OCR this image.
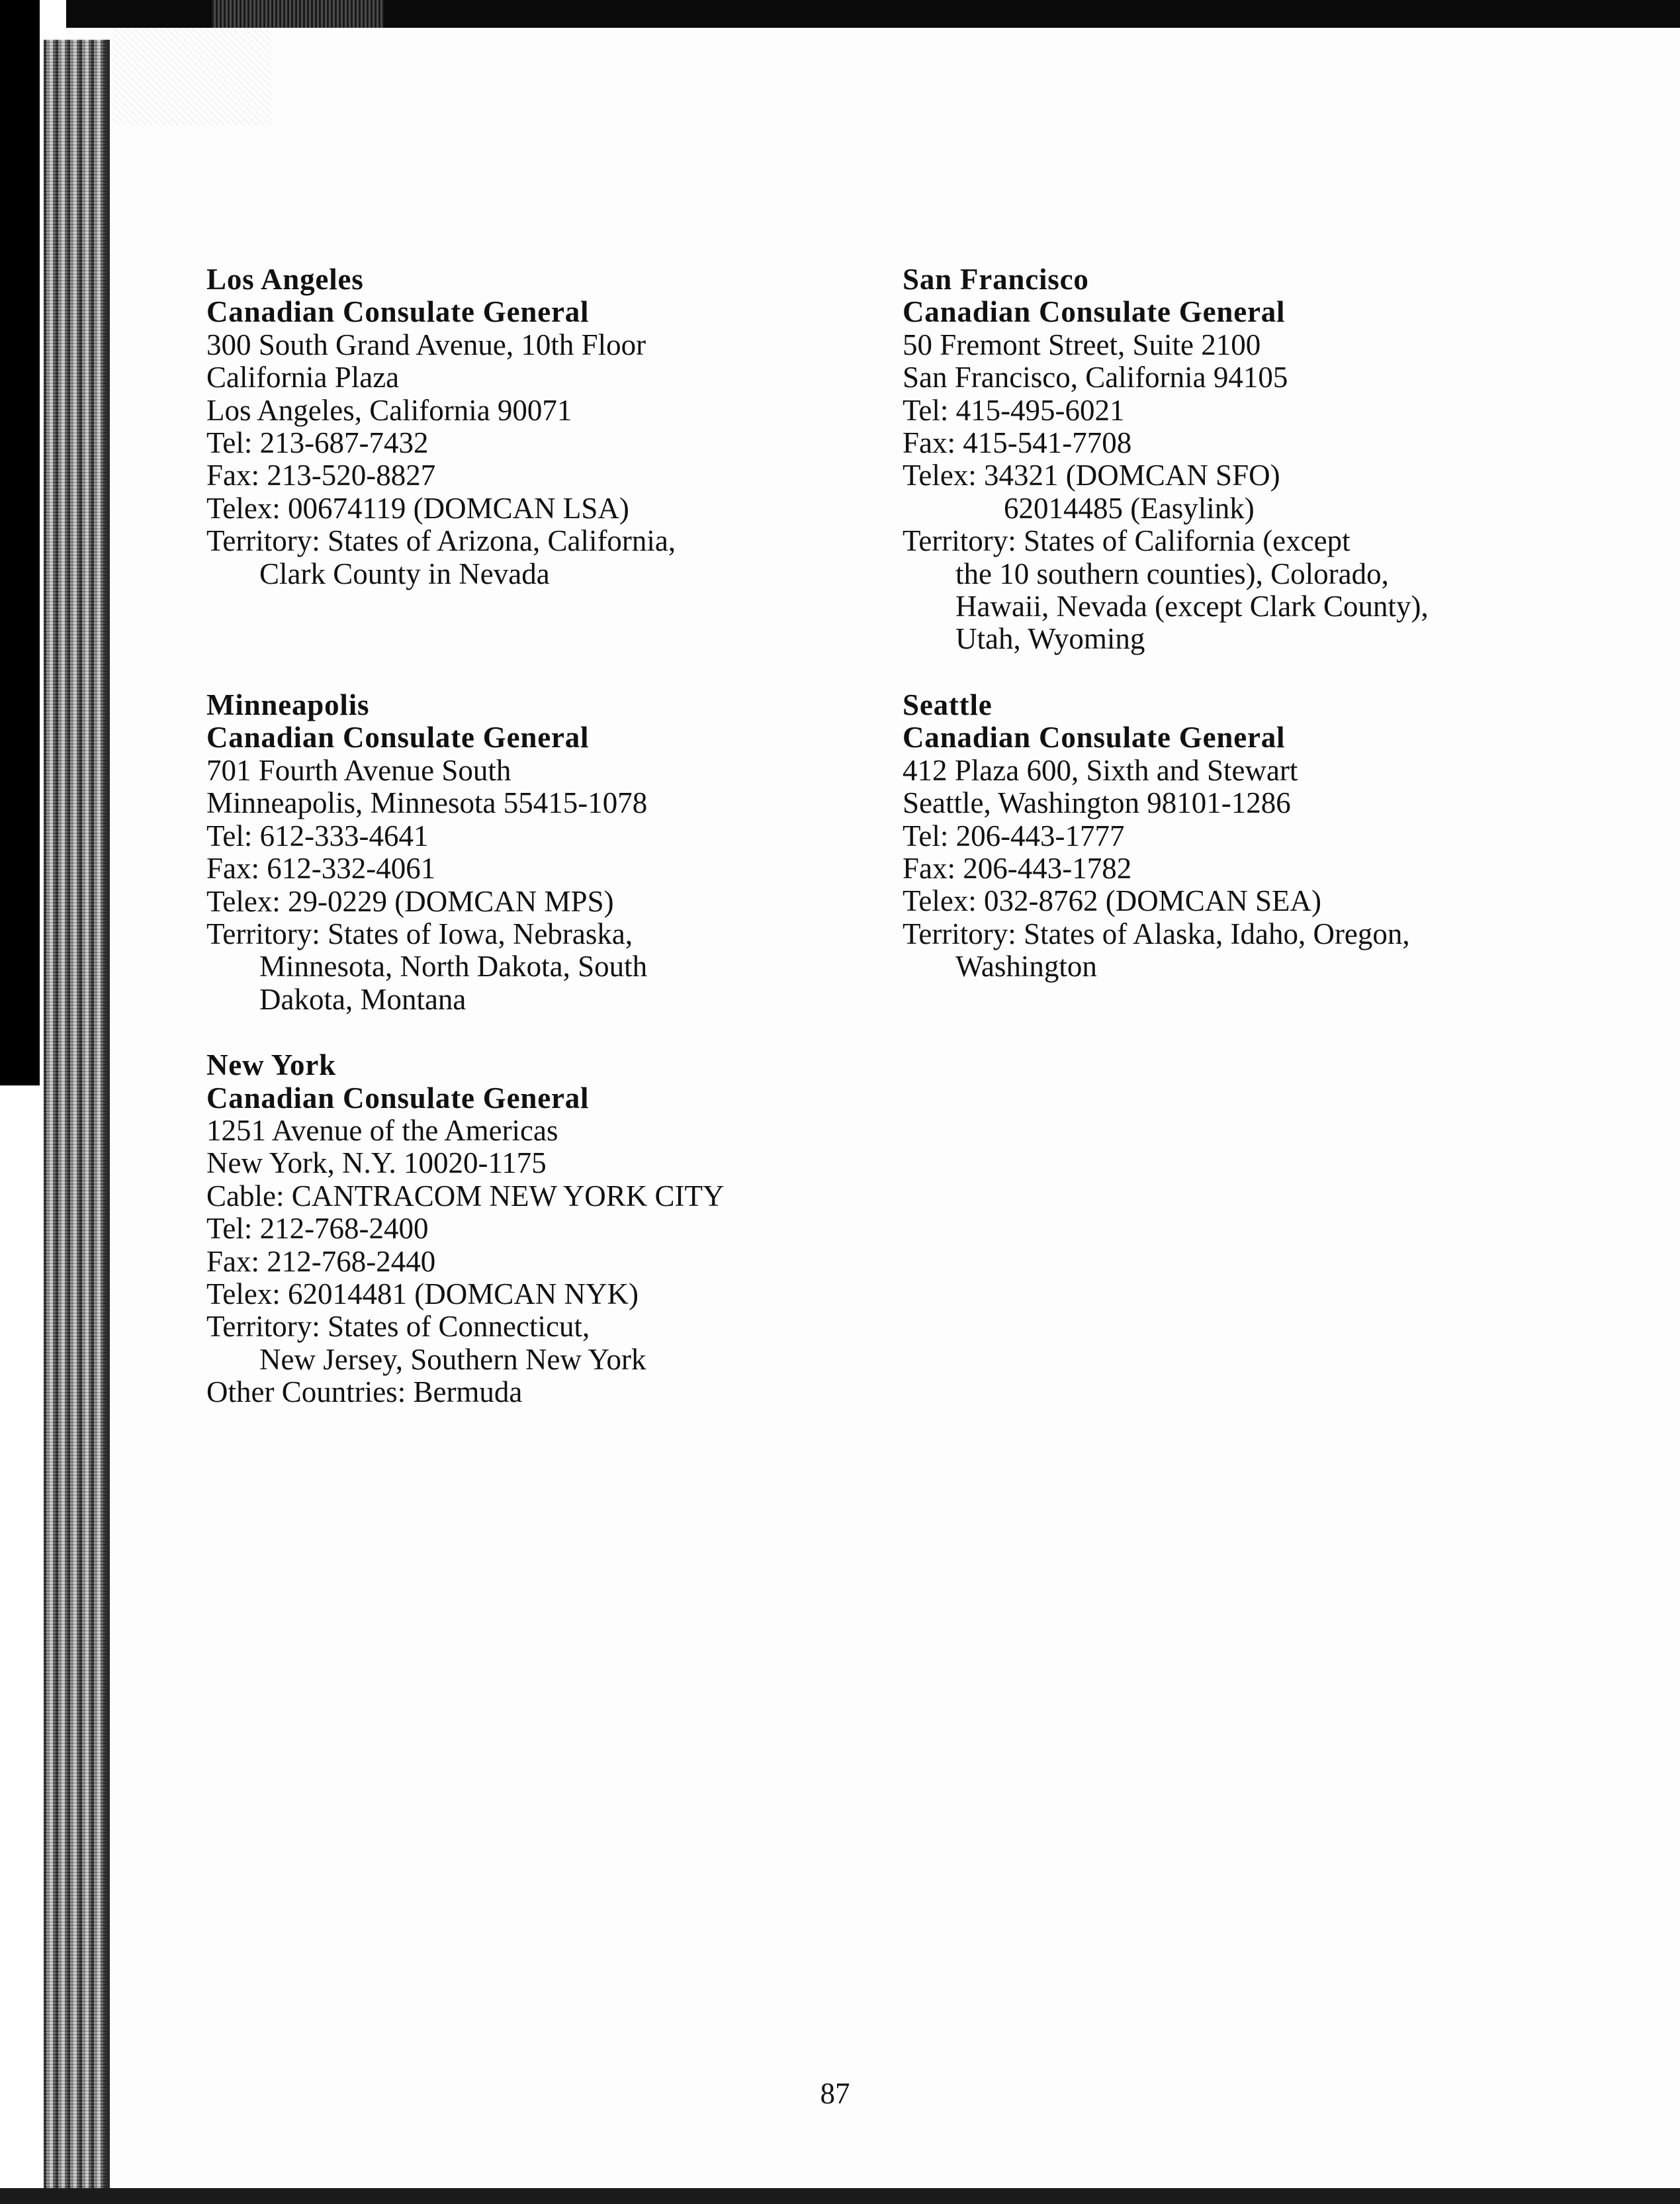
Los Angeles
Canadian Consulate General
300 South Grand Avenue, 10th Floor
California Plaza
Los Angeles, California 90071
Tel: 213-687-7432
Fax: 213-520-8827
Telex: 00674119 (DOMCAN LSA)
Territory: States of Arizona, California,
Clark County in Nevada
Minneapolis
Canadian Consulate General
701 Fourth Avenue South
Minneapolis, Minnesota 55415-1078
Tel: 612-333-4641
Fax: 612-332-4061
Telex: 29-0229 (DOMCAN MPS)
Territory: States of Iowa, Nebraska,
Minnesota, North Dakota, South
Dakota, Montana
New York
Canadian Consulate General
1251 Avenue of the Americas
New York, N.Y. 10020-1175
Cable: CANTRACOM NEW YORK CITY
Tel: 212-768-2400
Fax: 212-768-2440
Telex: 62014481 (DOMCAN NYK)
Territory: States of Connecticut,
New Jersey, Southern New York
Other Countries: Bermuda
San Francisco
Canadian Consulate General
50 Fremont Street, Suite 2100
San Francisco, California 94105
Tel: 415-495-6021
Fax: 415-541-7708
Telex: 34321 (DOMCAN SFO)
62014485 (Easylink)
Territory: States of California (except
the 10 southern counties), Colorado,
Hawaii, Nevada (except Clark County),
Utah, Wyoming
Seattle
Canadian Consulate General
412 Plaza 600, Sixth and Stewart
Seattle, Washington 98101-1286
Tel: 206-443-1777
Fax: 206-443-1782
Telex: 032-8762 (DOMCAN SEA)
Territory: States of Alaska, Idaho, Oregon,
Washington
87
